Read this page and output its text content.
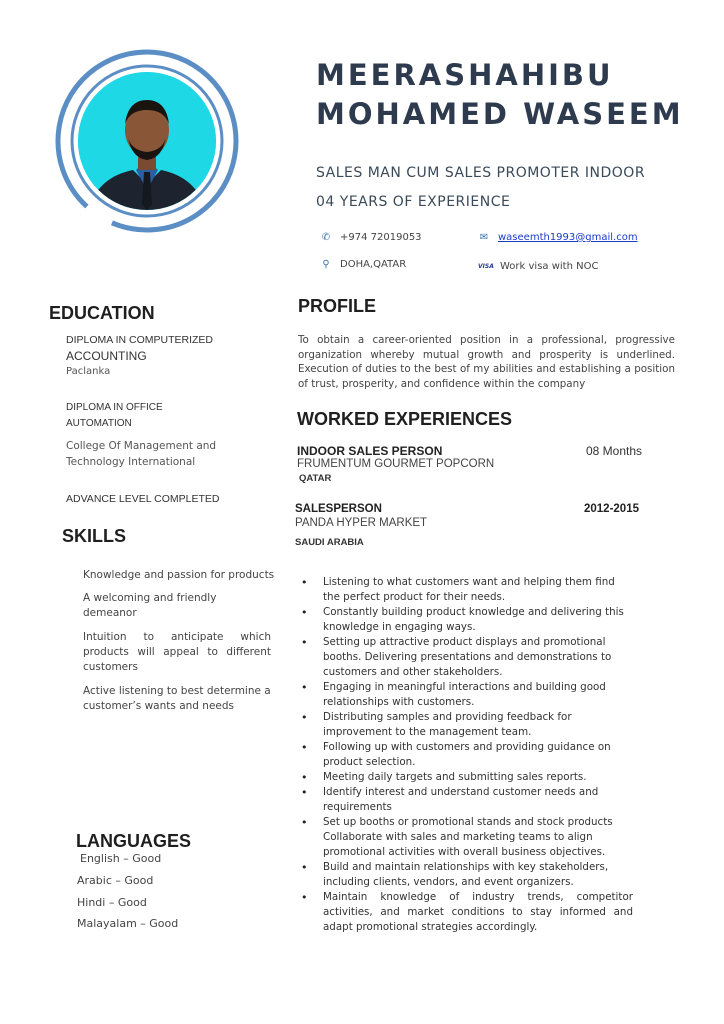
MEERASHAHIBU
MOHAMED WASEEM
SALES MAN CUM SALES PROMOTER INDOOR
04 YEARS OF EXPERIENCE
✆ +974 72019053	✉ waseemth1993@gmail.com
⚲ DOHA,QATAR	VISA Work visa with NOC
EDUCATION
DIPLOMA IN COMPUTERIZED
ACCOUNTING
Paclanka
DIPLOMA IN OFFICE
AUTOMATION
College Of Management and
Technology International
ADVANCE LEVEL COMPLETED
SKILLS
Knowledge and passion for products
A welcoming and friendly demeanor
Intuition to anticipate which products will appeal to different customers
Active listening to best determine a customer’s wants and needs
LANGUAGES
English – Good
Arabic – Good
Hindi – Good
Malayalam – Good
PROFILE
To obtain a career-oriented position in a professional, progressive organization whereby mutual growth and prosperity is underlined. Execution of duties to the best of my abilities and establishing a position of trust, prosperity, and confidence within the company
WORKED EXPERIENCES
INDOOR SALES PERSON	08 Months
FRUMENTUM GOURMET POPCORN
QATAR
SALESPERSON	2012-2015
PANDA HYPER MARKET
SAUDI ARABIA
• Listening to what customers want and helping them find the perfect product for their needs.
• Constantly building product knowledge and delivering this knowledge in engaging ways.
• Setting up attractive product displays and promotional booths. Delivering presentations and demonstrations to customers and other stakeholders.
• Engaging in meaningful interactions and building good relationships with customers.
• Distributing samples and providing feedback for improvement to the management team.
• Following up with customers and providing guidance on product selection.
• Meeting daily targets and submitting sales reports.
• Identify interest and understand customer needs and requirements
• Set up booths or promotional stands and stock products Collaborate with sales and marketing teams to align promotional activities with overall business objectives.
• Build and maintain relationships with key stakeholders, including clients, vendors, and event organizers.
• Maintain knowledge of industry trends, competitor activities, and market conditions to stay informed and adapt promotional strategies accordingly.
